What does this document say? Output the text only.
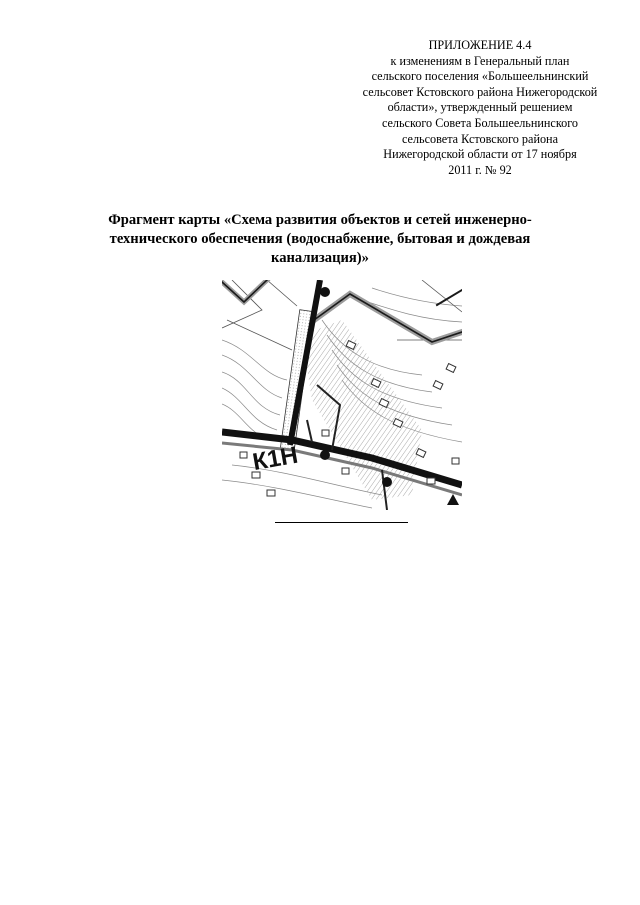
ПРИЛОЖЕНИЕ 4.4
к изменениям в Генеральный план
сельского поселения «Большеельнинский
сельсовет Кстовского района Нижегородской
области», утвержденный решением
сельского Совета Большеельнинского
сельсовета Кстовского района
Нижегородской области от 17 ноября
2011 г. № 92
Фрагмент карты «Схема развития объектов и сетей инженерно-
технического обеспечения (водоснабжение, бытовая и дождевая
канализация)»
К1Н
